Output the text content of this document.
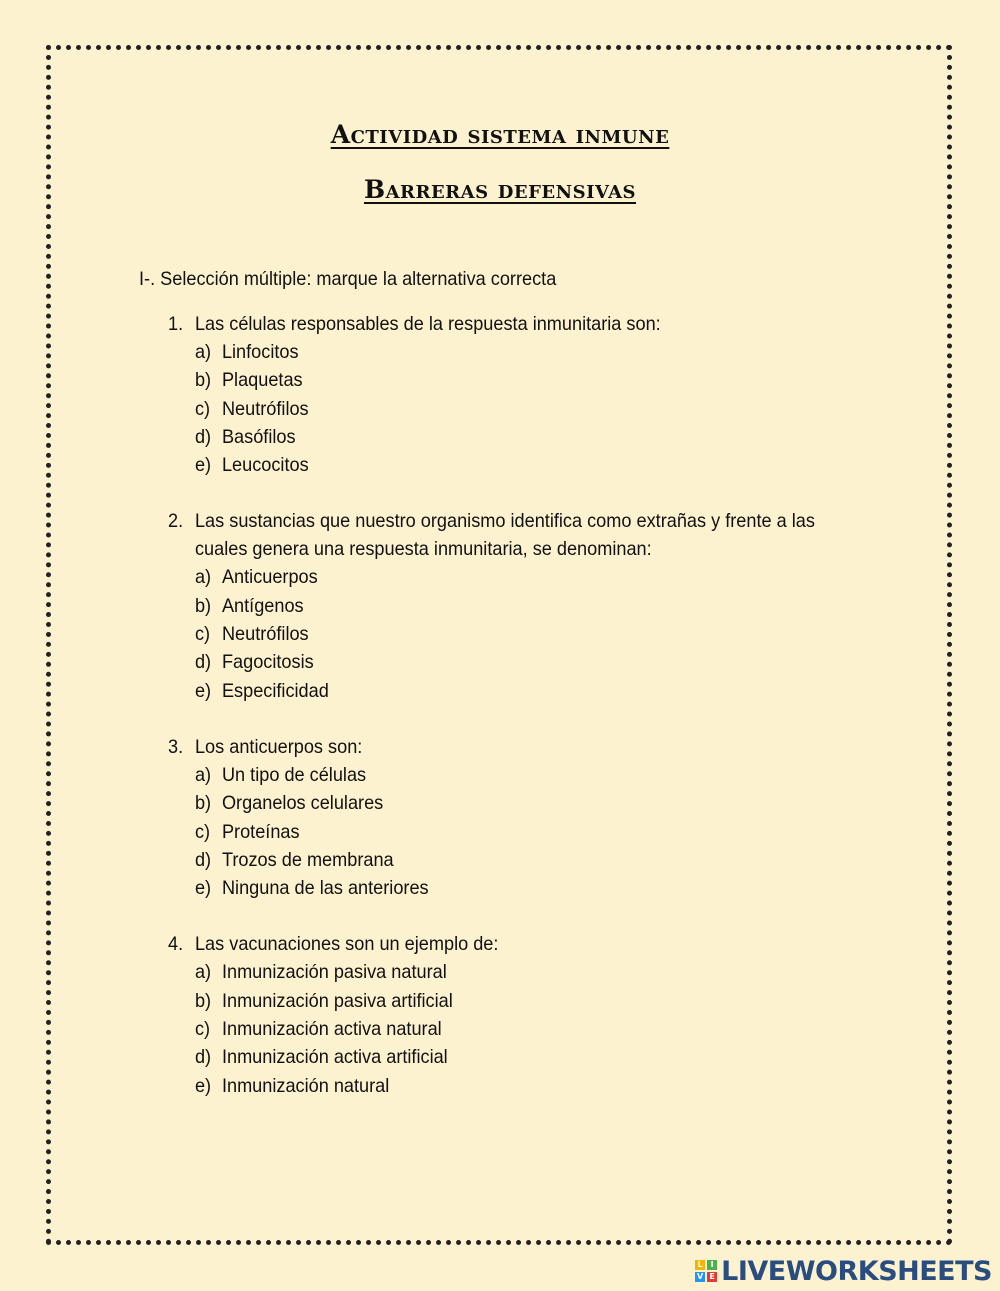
Actividad sistema inmune
Barreras defensivas
I-. Selección múltiple: marque la alternativa correcta
1. Las células responsables de la respuesta inmunitaria son:
a) Linfocitos
b) Plaquetas
c) Neutrófilos
d) Basófilos
e) Leucocitos
2. Las sustancias que nuestro organismo identifica como extrañas y frente a las cuales genera una respuesta inmunitaria, se denominan:
a) Anticuerpos
b) Antígenos
c) Neutrófilos
d) Fagocitosis
e) Especificidad
3. Los anticuerpos son:
a) Un tipo de células
b) Organelos celulares
c) Proteínas
d) Trozos de membrana
e) Ninguna de las anteriores
4. Las vacunaciones son un ejemplo de:
a) Inmunización pasiva natural
b) Inmunización pasiva artificial
c) Inmunización activa natural
d) Inmunización activa artificial
e) Inmunización natural
L I
V E LIVEWORKSHEETS
